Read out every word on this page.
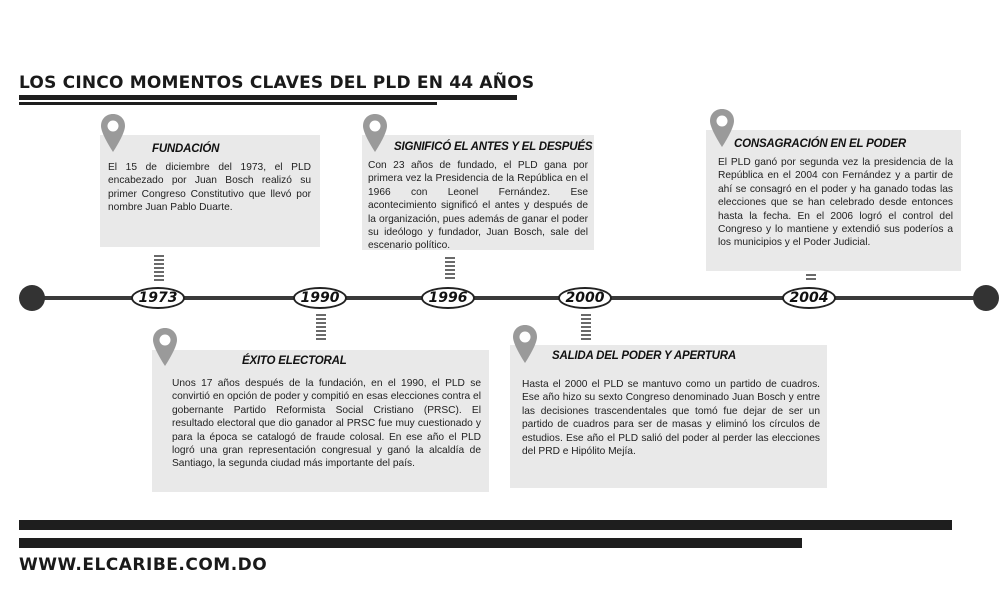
LOS CINCO MOMENTOS CLAVES DEL PLD EN 44 AÑOS
FUNDACIÓN
El 15 de diciembre del 1973, el PLD encabezado por Juan Bosch realizó su primer Congreso Constitutivo que llevó por nombre Juan Pablo Duarte.
ÉXITO ELECTORAL
Unos 17 años después de la fundación, en el 1990, el PLD se convirtió en opción de poder y compitió en esas elecciones contra el gobernante Partido Reformista Social Cristiano (PRSC). El resultado electoral que dio ganador al PRSC fue muy cuestionado y para la época se catalogó de fraude colosal. En ese año el PLD logró una gran representación congresual y ganó la alcaldía de Santiago, la segunda ciudad más importante del país.
SIGNIFICÓ EL ANTES Y EL DESPUÉS
Con 23 años de fundado, el PLD gana por primera vez la Presidencia de la República en el 1966 con Leonel Fernández. Ese acontecimiento significó el antes y después de la organización, pues además de ganar el poder su ideólogo y fundador, Juan Bosch, sale del escenario político.
SALIDA DEL PODER Y APERTURA
Hasta el 2000 el PLD se mantuvo como un partido de cuadros. Ese año hizo su sexto Congreso denominado Juan Bosch y entre las decisiones trascendentales que tomó fue dejar de ser un partido de cuadros para ser de masas y eliminó los círculos de estudios. Ese año el PLD salió del poder al perder las elecciones del PRD e Hipólito Mejía.
CONSAGRACIÓN EN EL PODER
El PLD ganó por segunda vez la presidencia de la República en el 2004 con Fernández y a partir de ahí se consagró en el poder y ha ganado todas las elecciones que se han celebrado desde entonces hasta la fecha. En el 2006 logró el control del Congreso y lo mantiene y extendió sus poderíos a los municipios y el Poder Judicial.
1973	1990	1996	2000	2004
WWW.ELCARIBE.COM.DO
